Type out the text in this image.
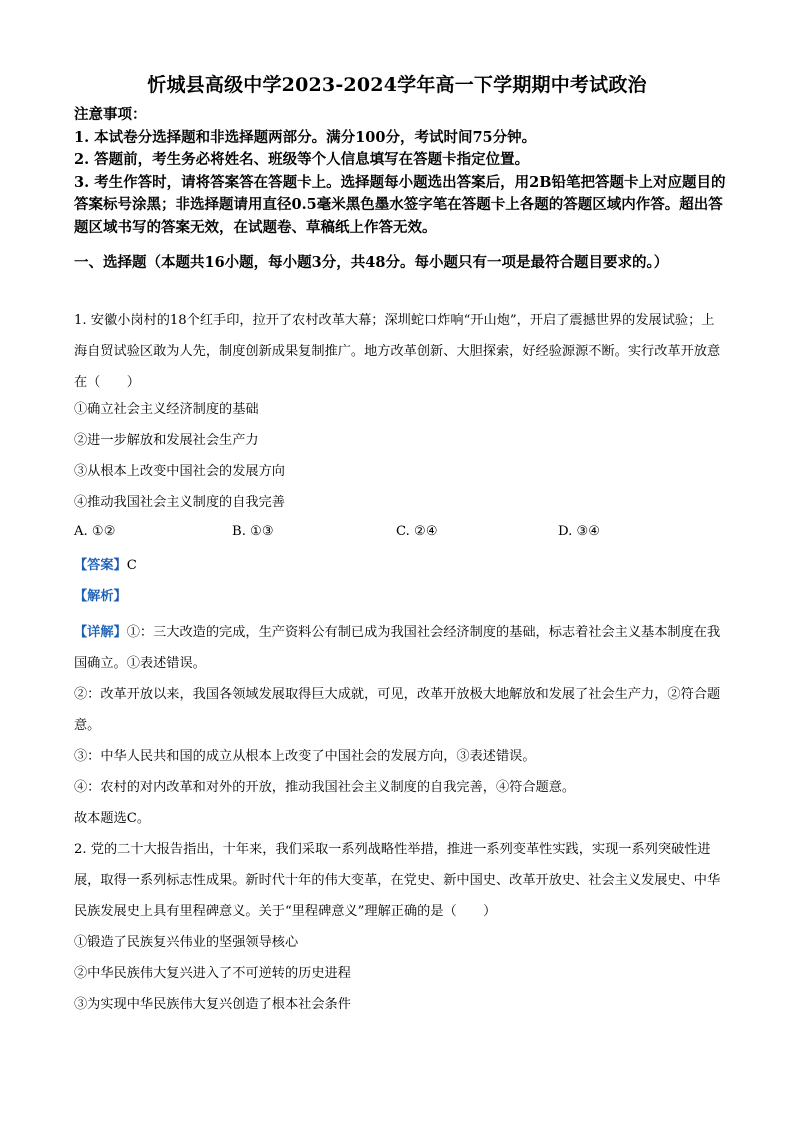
忻城县高级中学2023-2024学年高一下学期期中考试政治
注意事项：
1. 本试卷分选择题和非选择题两部分。满分100分，考试时间75分钟。
2. 答题前，考生务必将姓名、班级等个人信息填写在答题卡指定位置。
3. 考生作答时，请将答案答在答题卡上。选择题每小题选出答案后，用2B铅笔把答题卡上对应题目的答案标号涂黑；非选择题请用直径0.5毫米黑色墨水签字笔在答题卡上各题的答题区域内作答。超出答题区域书写的答案无效，在试题卷、草稿纸上作答无效。
一、选择题（本题共16小题，每小题3分，共48分。每小题只有一项是最符合题目要求的。）
1. 安徽小岗村的18个红手印，拉开了农村改革大幕；深圳蛇口炸响“开山炮”，开启了震撼世界的发展试验；上海自贸试验区敢为人先，制度创新成果复制推广。地方改革创新、大胆探索，好经验源源不断。实行改革开放意在（　　）
①确立社会主义经济制度的基础
②进一步解放和发展社会生产力
③从根本上改变中国社会的发展方向
④推动我国社会主义制度的自我完善
A. ①②	B. ①③	C. ②④	D. ③④
【答案】C
【解析】
【详解】①：三大改造的完成，生产资料公有制已成为我国社会经济制度的基础，标志着社会主义基本制度在我国确立。①表述错误。
②：改革开放以来，我国各领域发展取得巨大成就，可见，改革开放极大地解放和发展了社会生产力，②符合题意。
③：中华人民共和国的成立从根本上改变了中国社会的发展方向，③表述错误。
④：农村的对内改革和对外的开放，推动我国社会主义制度的自我完善，④符合题意。
故本题选C。
2. 党的二十大报告指出，十年来，我们采取一系列战略性举措，推进一系列变革性实践，实现一系列突破性进展，取得一系列标志性成果。新时代十年的伟大变革，在党史、新中国史、改革开放史、社会主义发展史、中华民族发展史上具有里程碑意义。关于“里程碑意义”理解正确的是（　　）
①锻造了民族复兴伟业的坚强领导核心
②中华民族伟大复兴进入了不可逆转的历史进程
③为实现中华民族伟大复兴创造了根本社会条件
